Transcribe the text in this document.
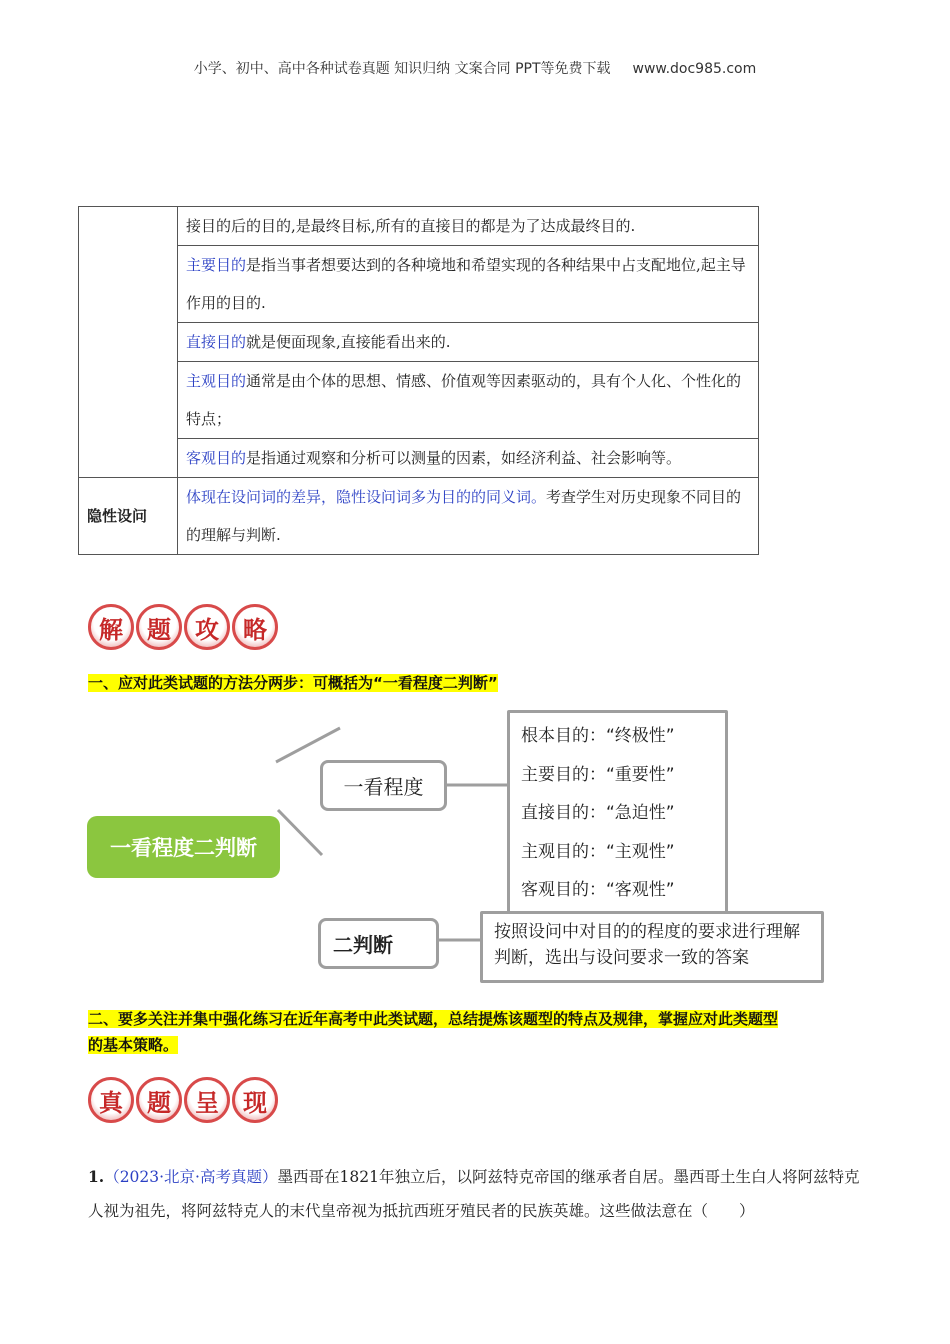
小学、初中、高中各种试卷真题 知识归纳 文案合同 PPT等免费下载 www.doc985.com
	接目的后的目的,是最终目标,所有的直接目的都是为了达成最终目的.
	主要目的是指当事者想要达到的各种境地和希望实现的各种结果中占支配地位,起主导作用的目的.
	直接目的就是便面现象,直接能看出来的.
	主观目的通常是由个体的思想、情感、价值观等因素驱动的，具有个人化、个性化的特点；
	客观目的是指通过观察和分析可以测量的因素，如经济利益、社会影响等。
隐性设问	体现在设问词的差异，隐性设问词多为目的的同义词。考查学生对历史现象不同目的的理解与判断.
解	题	攻	略
一、应对此类试题的方法分两步：可概括为“一看程度二判断”
一看程度二判断
一看程度
二判断
根本目的：“终极性”
主要目的：“重要性”
直接目的：“急迫性”
主观目的：“主观性”
客观目的：“客观性”
按照设问中对目的的程度的要求进行理解判断，选出与设问要求一致的答案
二、要多关注并集中强化练习在近年高考中此类试题，总结提炼该题型的特点及规律，掌握应对此类题型
的基本策略。
真	题	呈	现
1.（2023·北京·高考真题）墨西哥在1821年独立后，以阿兹特克帝国的继承者自居。墨西哥土生白人将阿兹特克人视为祖先，将阿兹特克人的末代皇帝视为抵抗西班牙殖民者的民族英雄。这些做法意在（　　）
